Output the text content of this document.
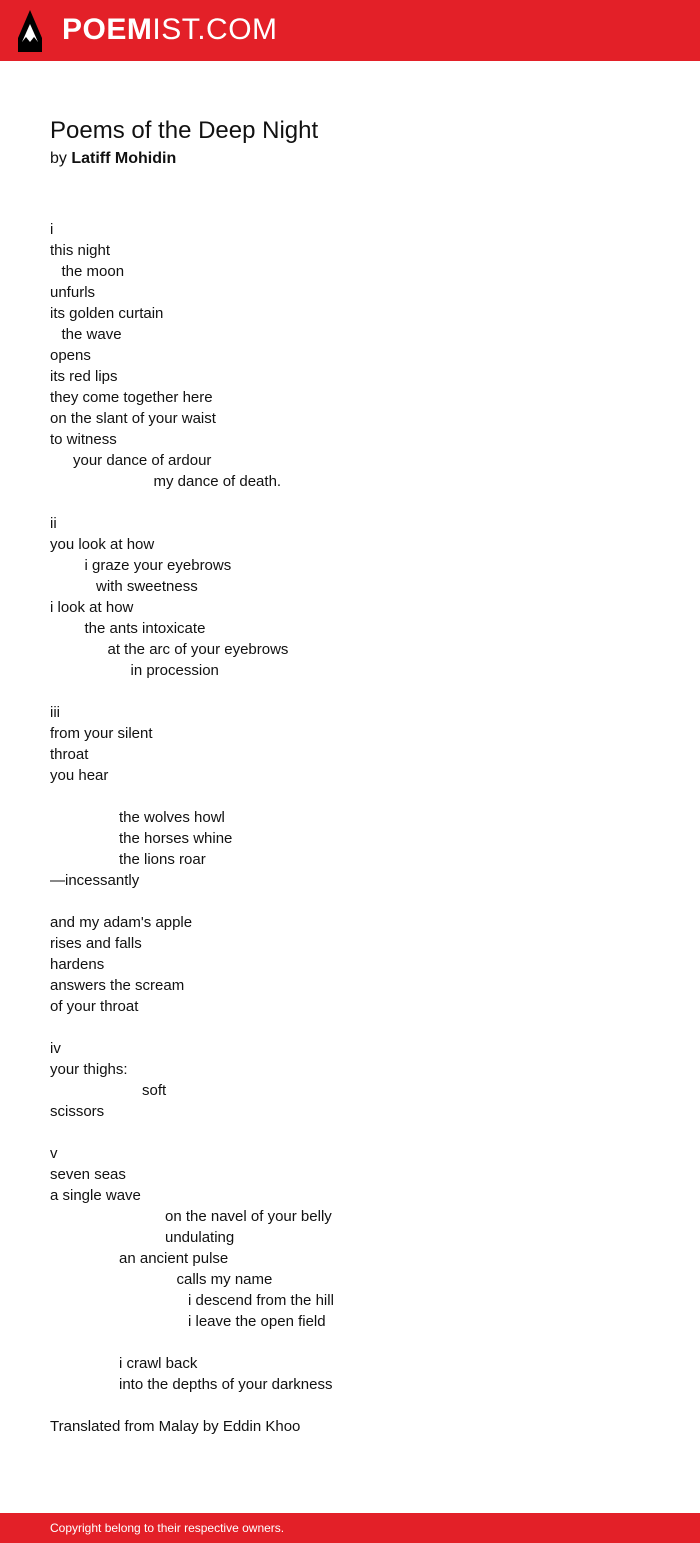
POEMIST.COM
Poems of the Deep Night
by Latiff Mohidin
i
this night
the moon
unfurls
its golden curtain
the wave
opens
its red lips
they come together here
on the slant of your waist
to witness
your dance of ardour
my dance of death.
ii
you look at how
i graze your eyebrows
with sweetness
i look at how
the ants intoxicate
at the arc of your eyebrows
in procession
iii
from your silent
throat
you hear
the wolves howl
the horses whine
the lions roar
—incessantly
and my adam's apple
rises and falls
hardens
answers the scream
of your throat
iv
your thighs:
soft
scissors
v
seven seas
a single wave
on the navel of your belly
undulating
an ancient pulse
calls my name
i descend from the hill
i leave the open field
i crawl back
into the depths of your darkness
Translated from Malay by Eddin Khoo
Copyright belong to their respective owners.
